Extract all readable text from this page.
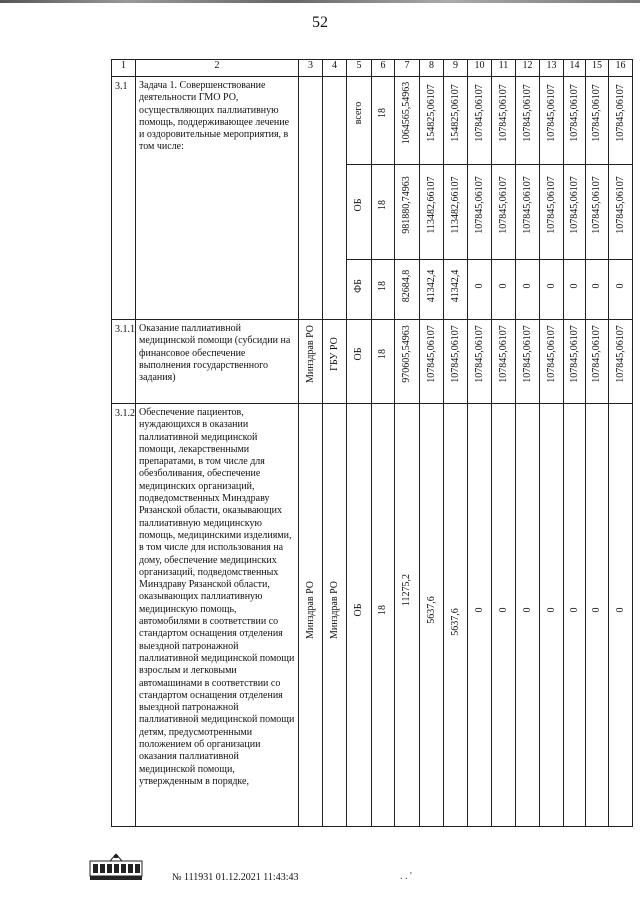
52
1	2	3	4	5	6	7	8	9	10	11	12	13	14	15	16
3.1	Задача 1. Совершенствование деятельности ГМО РО, осуществляющих паллиативную помощь, поддерживающее лечение и оздоровительные мероприятия, в том числе:			всего	18	1064565,54963	154825,06107	154825,06107	107845,06107	107845,06107	107845,06107	107845,06107	107845,06107	107845,06107	107845,06107

				ОБ	18	981880,74963	113482,66107	113482,66107	107845,06107	107845,06107	107845,06107	107845,06107	107845,06107	107845,06107	107845,06107

				ФБ	18	82684,8	41342,4	41342,4	0	0	0	0	0	0	0

3.1.1	Оказание паллиативной медицинской помощи (субсидии на финансовое обеспечение выполнения государственного задания)	Минздрав РО	ГБУ РО	ОБ	18	970605,54963	107845,06107	107845,06107	107845,06107	107845,06107	107845,06107	107845,06107	107845,06107	107845,06107	107845,06107

3.1.2	Обеспечение пациентов, нуждающихся в оказании паллиативной медицинской помощи, лекарственными препаратами, в том числе для обезболивания, обеспечение медицинских организаций, подведомственных Минздраву Рязанской области, оказывающих паллиативную медицинскую помощь, медицинскими изделиями, в том числе для использования на дому, обеспечение медицинских организаций, подведомственных Минздраву Рязанской области, оказывающих паллиативную медицинскую помощь, автомобилями в соответствии со стандартом оснащения отделения выездной патронажной паллиативной медицинской помощи взрослым и легковыми автомашинами в соответствии со стандартом оснащения отделения выездной патронажной паллиативной медицинской помощи детям, предусмотренными положением об организации оказания паллиативной медицинской помощи, утвержденным в порядке,	Минздрав РО	Минздрав РО	ОБ	18	11275,2	5637,6	5637,6	0	0	0	0	0	0	0
№ 111931 01.12.2021 11:43:43	. . '
